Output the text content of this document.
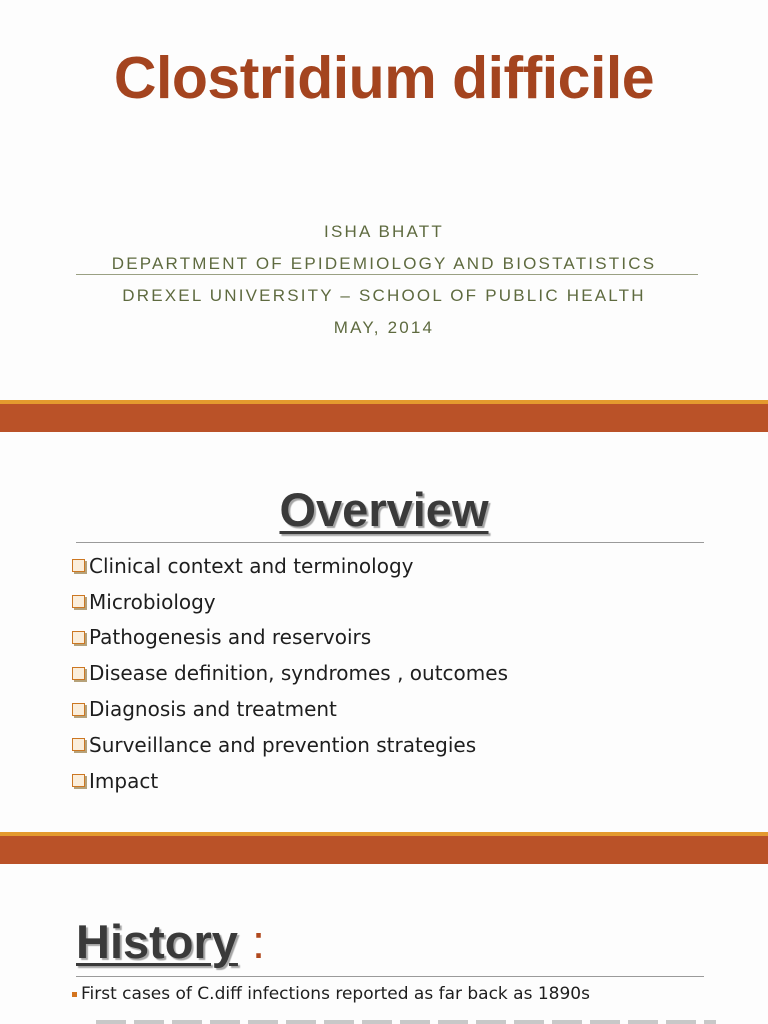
Clostridium difficile
ISHA BHATT
DEPARTMENT OF EPIDEMIOLOGY AND BIOSTATISTICS
DREXEL UNIVERSITY – SCHOOL OF PUBLIC HEALTH
MAY, 2014
Overview
Clinical context and terminology
Microbiology
Pathogenesis and reservoirs
Disease definition, syndromes , outcomes
Diagnosis and treatment
Surveillance and prevention strategies
Impact
History :
First cases of C.diff infections reported as far back as 1890s
